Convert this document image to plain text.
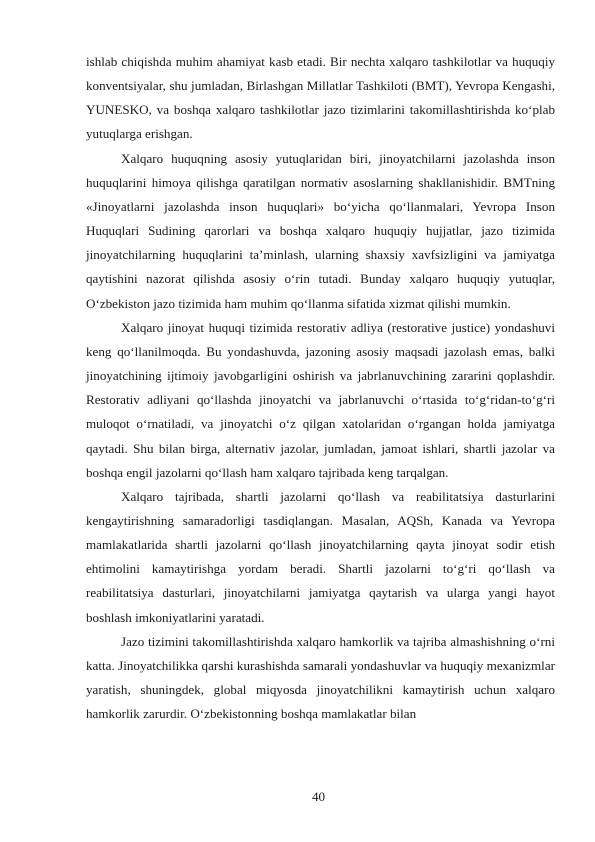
ishlab chiqishda muhim ahamiyat kasb etadi. Bir nechta xalqaro tashkilotlar va huquqiy konventsiyalar, shu jumladan, Birlashgan Millatlar Tashkiloti (BMT), Yevropa Kengashi, YUNESKO, va boshqa xalqaro tashkilotlar jazo tizimlarini takomillashtirishda ko‘plab yutuqlarga erishgan.

Xalqaro huquqning asosiy yutuqlaridan biri, jinoyatchilarni jazolashda inson huquqlarini himoya qilishga qaratilgan normativ asoslarning shakllanishidir. BMTning «Jinoyatlarni jazolashda inson huquqlari» bo‘yicha qo‘llanmalari, Yevropa Inson Huquqlari Sudining qarorlari va boshqa xalqaro huquqiy hujjatlar, jazo tizimida jinoyatchilarning huquqlarini ta’minlash, ularning shaxsiy xavfsizligini va jamiyatga qaytishini nazorat qilishda asosiy o‘rin tutadi. Bunday xalqaro huquqiy yutuqlar, O‘zbekiston jazo tizimida ham muhim qo‘llanma sifatida xizmat qilishi mumkin.

Xalqaro jinoyat huquqi tizimida restorativ adliya (restorative justice) yondashuvi keng qo‘llanilmoqda. Bu yondashuvda, jazoning asosiy maqsadi jazolash emas, balki jinoyatchining ijtimoiy javobgarligini oshirish va jabrlanuvchining zararini qoplashdir. Restorativ adliyani qo‘llashda jinoyatchi va jabrlanuvchi o‘rtasida to‘g‘ridan-to‘g‘ri muloqot o‘rnatiladi, va jinoyatchi o‘z qilgan xatolaridan o‘rgangan holda jamiyatga qaytadi. Shu bilan birga, alternativ jazolar, jumladan, jamoat ishlari, shartli jazolar va boshqa engil jazolarni qo‘llash ham xalqaro tajribada keng tarqalgan.

Xalqaro tajribada, shartli jazolarni qo‘llash va reabilitatsiya dasturlarini kengaytirishning samaradorligi tasdiqlangan. Masalan, AQSh, Kanada va Yevropa mamlakatlarida shartli jazolarni qo‘llash jinoyatchilarning qayta jinoyat sodir etish ehtimolini kamaytirishga yordam beradi. Shartli jazolarni to‘g‘ri qo‘llash va reabilitatsiya dasturlari, jinoyatchilarni jamiyatga qaytarish va ularga yangi hayot boshlash imkoniyatlarini yaratadi.

Jazo tizimini takomillashtirishda xalqaro hamkorlik va tajriba almashishning o‘rni katta. Jinoyatchilikka qarshi kurashishda samarali yondashuvlar va huquqiy mexanizmlar yaratish, shuningdek, global miqyosda jinoyatchilikni kamaytirish uchun xalqaro hamkorlik zarurdir. O‘zbekistonning boshqa mamlakatlar bilan

40
